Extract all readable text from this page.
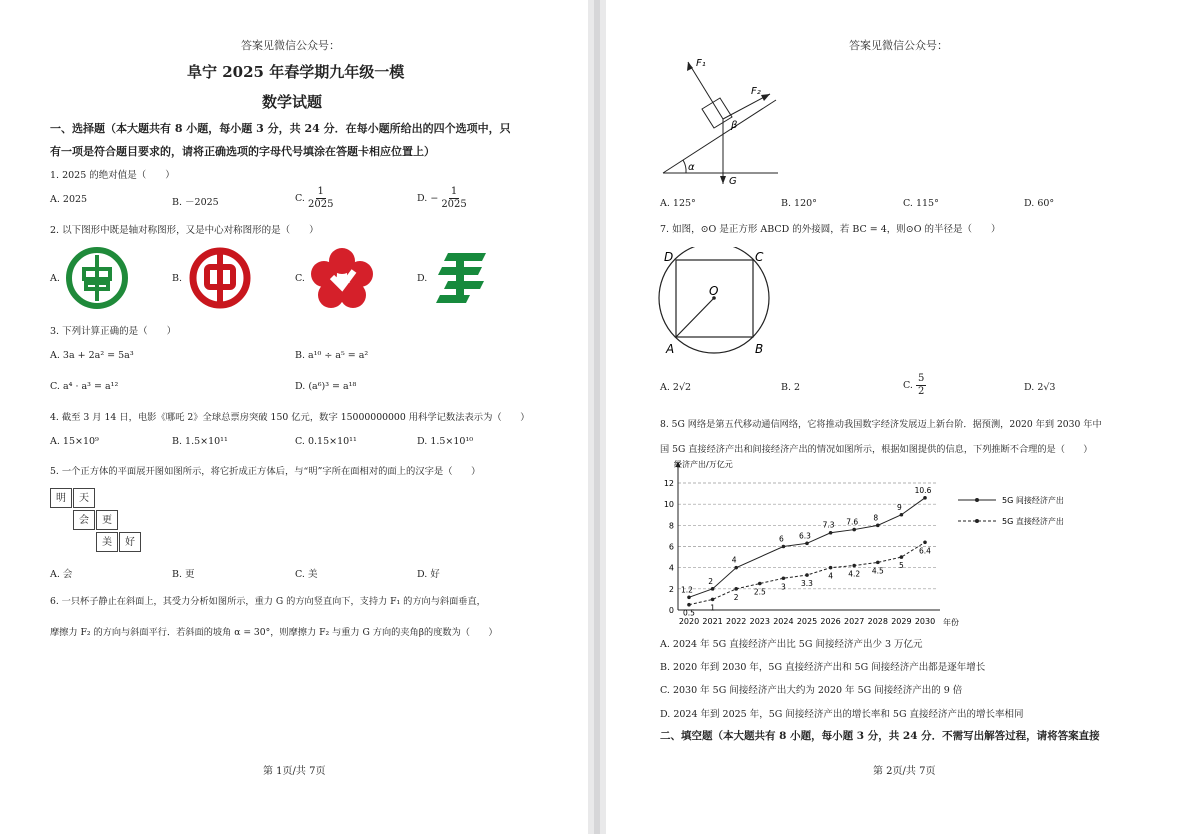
答案见微信公众号：
阜宁 2025 年春学期九年级一模
数学试题
一、选择题（本大题共有 8 小题，每小题 3 分，共 24 分．在每小题所给出的四个选项中，只
有一项是符合题目要求的，请将正确选项的字母代号填涂在答题卡相应位置上）
1. 2025 的绝对值是（　　）
A. 2025	B. －2025	C. $\frac{1}{2025}$	D. − $\frac{1}{2025}$
2. 以下图形中既是轴对称图形，又是中心对称图形的是（　　）
A.	B.	C.	D.
3. 下列计算正确的是（　　）
A. 3a + 2a² = 5a³	B. a¹⁰ ÷ a⁵ = a²
C. a⁴ · a³ = a¹²	D. (a⁶)³ = a¹⁸
4. 截至 3 月 14 日，电影《哪吒 2》全球总票房突破 150 亿元，数字 15000000000 用科学记数法表示为（　　）
A. 15×10⁹	B. 1.5×10¹¹	C. 0.15×10¹¹	D. 1.5×10¹⁰
5. 一个正方体的平面展开图如图所示，将它折成正方体后，与“明”字所在面相对的面上的汉字是（　　）
明	天
会	更
美	好
A. 会	B. 更	C. 美	D. 好
6. 一只杯子静止在斜面上，其受力分析如图所示，重力 G 的方向竖直向下，支持力 F₁ 的方向与斜面垂直，
摩擦力 F₂ 的方向与斜面平行．若斜面的坡角 α = 30°，则摩擦力 F₂ 与重力 G 方向的夹角β的度数为（　　）
第 1页/共 7页
答案见微信公众号：
F₁
F₂
β
α
G
A. 125°	B. 120°	C. 115°	D. 60°
7. 如图，⊙O 是正方形 ABCD 的外接圆，若 BC = 4，则⊙O 的半径是（　　）
D	C
O
A	B
A. 2√2	B. 2	C. $\frac{5}{2}$	D. 2√3
8. 5G 网络是第五代移动通信网络，它将推动我国数字经济发展迈上新台阶．据预测，2020 年到 2030 年中
国 5G 直接经济产出和间接经济产出的情况如图所示，根据如图提供的信息，下列推断不合理的是（　　）
0
2
4
6
8
10
12
2020 2021 2022 2023 2024 2025 2026 2027 2028 2029 2030
1.2
2
4
6 6.3
7.3 7.6 8
9
10.6
0.5
1
2
2.5
3 3.3
4 4.2 4.5
5
6.4
经济产出/万亿元
年份
5G 间接经济产出
5G 直接经济产出
A. 2024 年 5G 直接经济产出比 5G 间接经济产出少 3 万亿元
B. 2020 年到 2030 年，5G 直接经济产出和 5G 间接经济产出都是逐年增长
C. 2030 年 5G 间接经济产出大约为 2020 年 5G 间接经济产出的 9 倍
D. 2024 年到 2025 年，5G 间接经济产出的增长率和 5G 直接经济产出的增长率相同
二、填空题（本大题共有 8 小题，每小题 3 分，共 24 分．不需写出解答过程，请将答案直接
第 2页/共 7页
